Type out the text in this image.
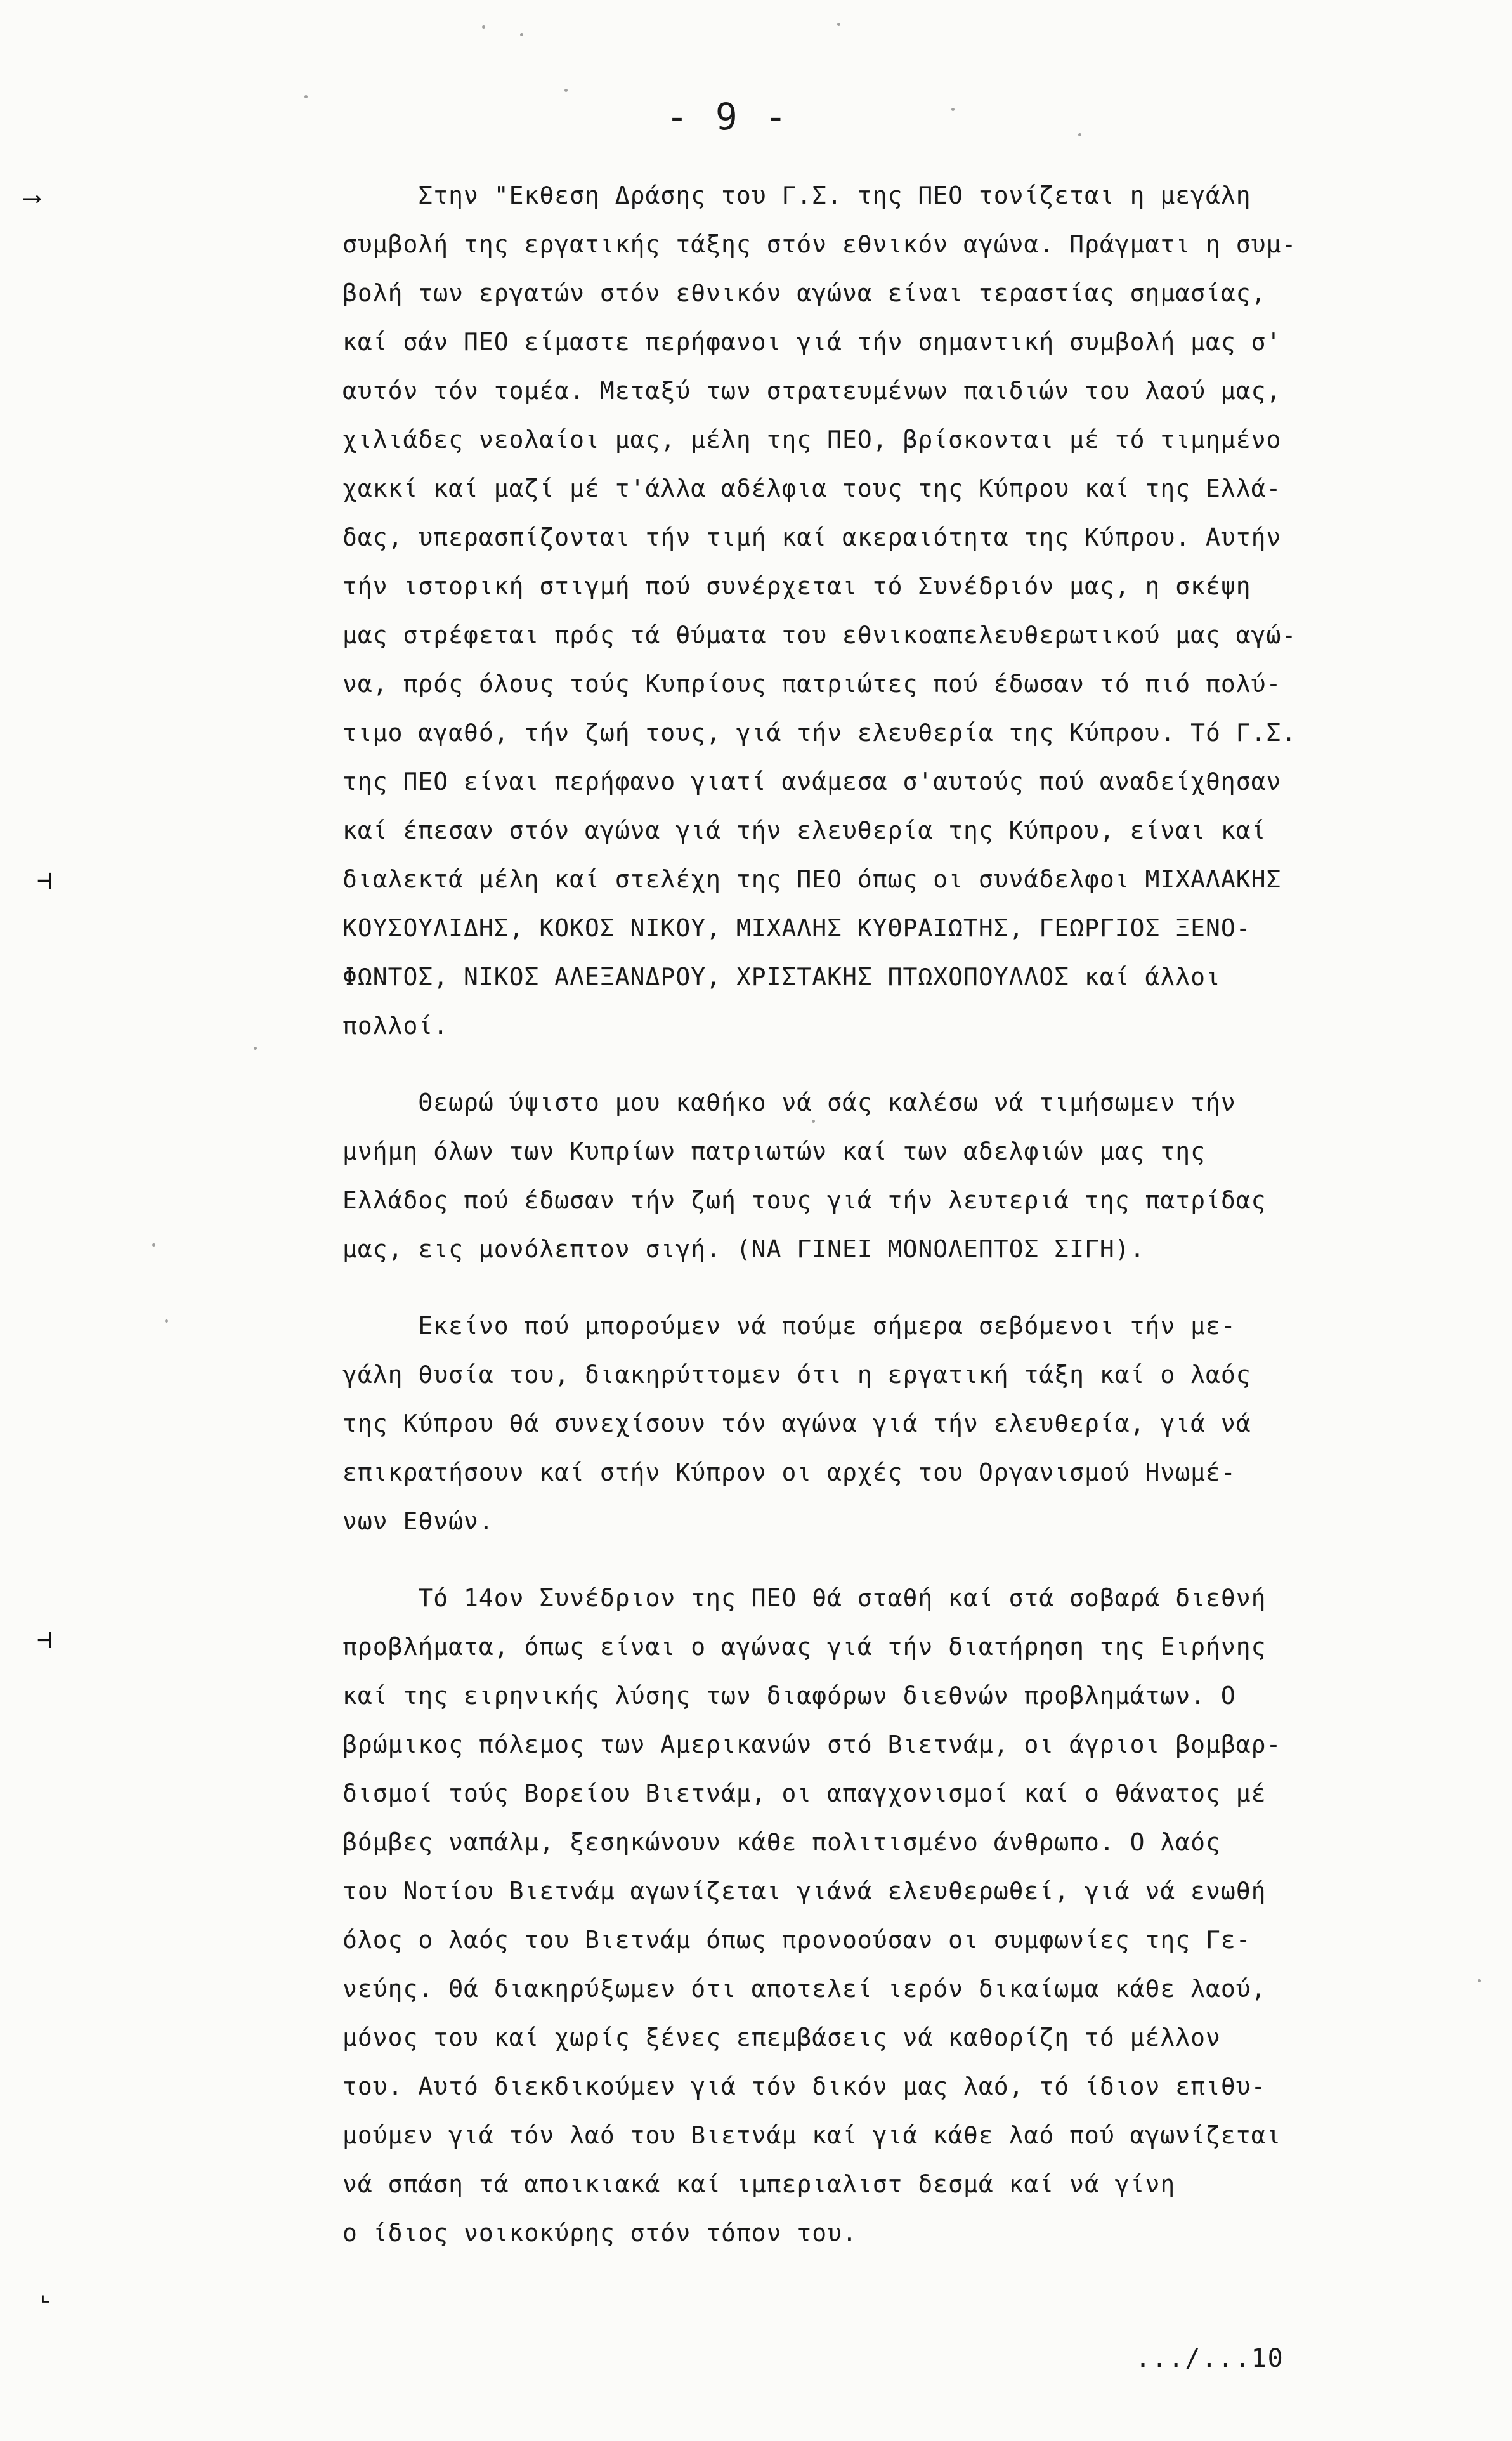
- 9 -
Στην "Εκθεση Δράσης του Γ.Σ. της ΠΕΟ τονίζεται η μεγάλη
συμβολή της εργατικής τάξης στόν εθνικόν αγώνα. Πράγματι η συμ-
βολή των εργατών στόν εθνικόν αγώνα είναι τεραστίας σημασίας,
καί σάν ΠΕΟ είμαστε περήφανοι γιά τήν σημαντική συμβολή μας σ'
αυτόν τόν τομέα. Μεταξύ των στρατευμένων παιδιών του λαού μας,
χιλιάδες νεολαίοι μας, μέλη της ΠΕΟ, βρίσκονται μέ τό τιμημένο
χακκί καί μαζί μέ τ'άλλα αδέλφια τους της Κύπρου καί της Ελλά-
δας, υπερασπίζονται τήν τιμή καί ακεραιότητα της Κύπρου. Αυτήν
τήν ιστορική στιγμή πού συνέρχεται τό Συνέδριόν μας, η σκέψη
μας στρέφεται πρός τά θύματα του εθνικοαπελευθερωτικού μας αγώ-
να, πρός όλους τούς Κυπρίους πατριώτες πού έδωσαν τό πιό πολύ-
τιμο αγαθό, τήν ζωή τους, γιά τήν ελευθερία της Κύπρου. Τό Γ.Σ.
της ΠΕΟ είναι περήφανο γιατί ανάμεσα σ'αυτούς πού αναδείχθησαν
καί έπεσαν στόν αγώνα γιά τήν ελευθερία της Κύπρου, είναι καί
διαλεκτά μέλη καί στελέχη της ΠΕΟ όπως οι συνάδελφοι ΜΙΧΑΛΑΚΗΣ
ΚΟΥΣΟΥΛΙΔΗΣ, ΚΟΚΟΣ ΝΙΚΟΥ, ΜΙΧΑΛΗΣ ΚΥΘΡΑΙΩΤΗΣ, ΓΕΩΡΓΙΟΣ ΞΕΝΟ-
ΦΩΝΤΟΣ, ΝΙΚΟΣ ΑΛΕΞΑΝΔΡΟΥ, ΧΡΙΣΤΑΚΗΣ ΠΤΩΧΟΠΟΥΛΛΟΣ καί άλλοι
πολλοί.
Θεωρώ ύψιστο μου καθήκο νά σάς καλέσω νά τιμήσωμεν τήν
μνήμη όλων των Κυπρίων πατριωτών καί των αδελφιών μας της
Ελλάδος πού έδωσαν τήν ζωή τους γιά τήν λευτεριά της πατρίδας
μας, εις μονόλεπτον σιγή. (ΝΑ ΓΙΝΕΙ ΜΟΝΟΛΕΠΤΟΣ ΣΙΓΗ).
Εκείνο πού μπορούμεν νά πούμε σήμερα σεβόμενοι τήν με-
γάλη θυσία του, διακηρύττομεν ότι η εργατική τάξη καί ο λαός
της Κύπρου θά συνεχίσουν τόν αγώνα γιά τήν ελευθερία, γιά νά
επικρατήσουν καί στήν Κύπρον οι αρχές του Οργανισμού Ηνωμέ-
νων Εθνών.
Τό 14ον Συνέδριον της ΠΕΟ θά σταθή καί στά σοβαρά διεθνή
προβλήματα, όπως είναι ο αγώνας γιά τήν διατήρηση της Ειρήνης
καί της ειρηνικής λύσης των διαφόρων διεθνών προβλημάτων. Ο
βρώμικος πόλεμος των Αμερικανών στό Βιετνάμ, οι άγριοι βομβαρ-
δισμοί τούς Βορείου Βιετνάμ, οι απαγχονισμοί καί ο θάνατος μέ
βόμβες ναπάλμ, ξεσηκώνουν κάθε πολιτισμένο άνθρωπο. Ο λαός
του Νοτίου Βιετνάμ αγωνίζεται γιάνά ελευθερωθεί, γιά νά ενωθή
όλος ο λαός του Βιετνάμ όπως προνοούσαν οι συμφωνίες της Γε-
νεύης. Θά διακηρύξωμεν ότι αποτελεί ιερόν δικαίωμα κάθε λαού,
μόνος του καί χωρίς ξένες επεμβάσεις νά καθορίζη τό μέλλον
του. Αυτό διεκδικούμεν γιά τόν δικόν μας λαό, τό ίδιον επιθυ-
μούμεν γιά τόν λαό του Βιετνάμ καί γιά κάθε λαό πού αγωνίζεται
νά σπάση τά αποικιακά καί ιμπεριαλιστ δεσμά καί νά γίνη
ο ίδιος νοικοκύρης στόν τόπον του.
.../...10
⟶
⊣
⊣
⌞
